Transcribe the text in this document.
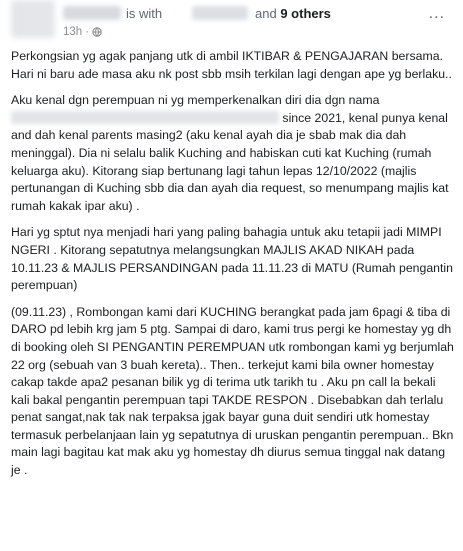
is with	and 9 others
13h ·
...

Perkongsian yg agak panjang utk di ambil IKTIBAR & PENGAJARAN bersama. Hari ni baru ade masa aku nk post sbb msih terkilan lagi dengan ape yg berlaku..

Aku kenal dgn perempuan ni yg memperkenalkan diri dia dgn nama  since 2021, kenal punya kenal and dah kenal parents masing2 (aku kenal ayah dia je sbab mak dia dah meninggal). Dia ni selalu balik Kuching and habiskan cuti kat Kuching (rumah keluarga aku). Kitorang siap bertunang lagi tahun lepas 12/10/2022 (majlis pertunangan di Kuching sbb dia dan ayah dia request, so menumpang majlis kat rumah kakak ipar aku) .

Hari yg sptut nya menjadi hari yang paling bahagia untuk aku tetapii jadi MIMPI NGERI . Kitorang sepatutnya melangsungkan MAJLIS AKAD NIKAH pada 10.11.23 & MAJLIS PERSANDINGAN pada 11.11.23 di MATU (Rumah pengantin perempuan)

(09.11.23) , Rombongan kami dari KUCHING berangkat pada jam 6pagi & tiba di DARO pd lebih krg jam 5 ptg. Sampai di daro, kami trus pergi ke homestay yg dh di booking oleh SI PENGANTIN PEREMPUAN utk rombongan kami yg berjumlah 22 org (sebuah van 3 buah kereta).. Then.. terkejut kami bila owner homestay cakap takde apa2 pesanan bilik yg di terima utk tarikh tu . Aku pn call la bekali kali bakal pengantin perempuan tapi TAKDE RESPON . Disebabkan dah terlalu penat sangat,nak tak nak terpaksa jgak bayar guna duit sendiri utk homestay termasuk perbelanjaan lain yg sepatutnya di uruskan pengantin perempuan.. Bkn main lagi bagitau kat mak aku yg homestay dh diurus semua tinggal nak datang je .
